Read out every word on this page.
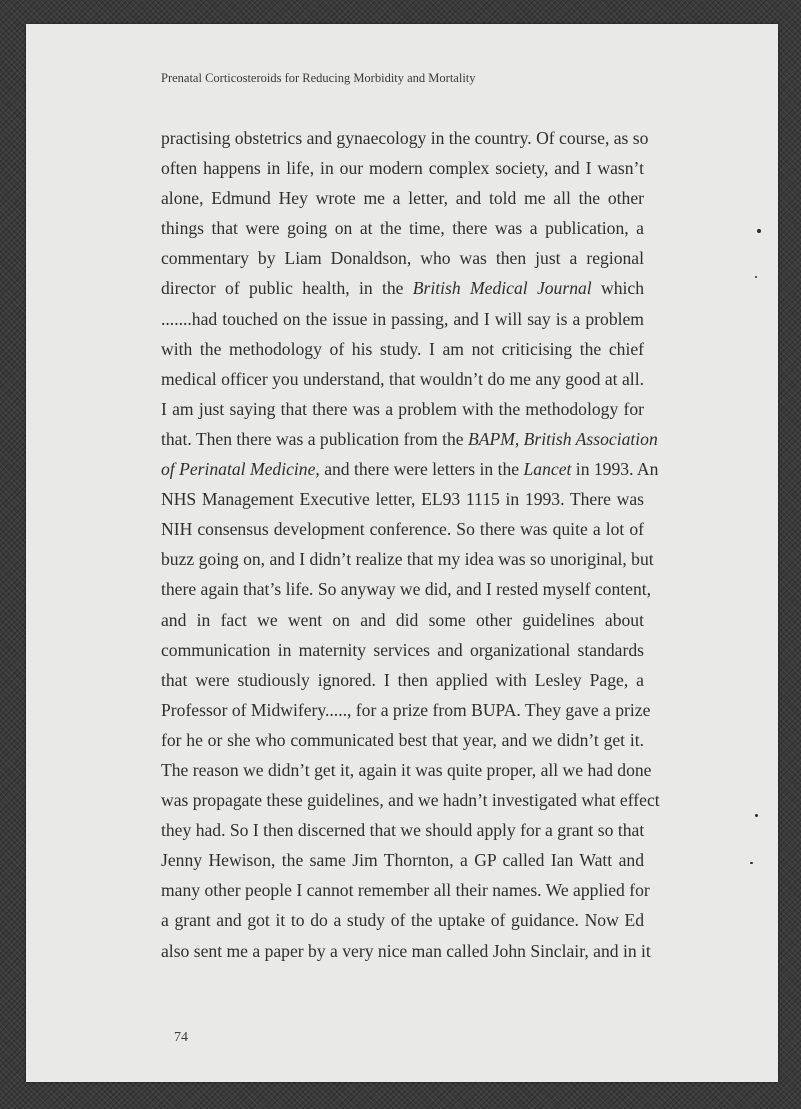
Prenatal Corticosteroids for Reducing Morbidity and Mortality
practising obstetrics and gynaecology in the country. Of course, as so
often happens in life, in our modern complex society, and I wasn’t
alone, Edmund Hey wrote me a letter, and told me all the other
things that were going on at the time, there was a publication, a
commentary by Liam Donaldson, who was then just a regional
director of public health, in the British Medical Journal which
.......had touched on the issue in passing, and I will say is a problem
with the methodology of his study. I am not criticising the chief
medical officer you understand, that wouldn’t do me any good at all.
I am just saying that there was a problem with the methodology for
that. Then there was a publication from the BAPM, British Association
of Perinatal Medicine, and there were letters in the Lancet in 1993. An
NHS Management Executive letter, EL93 1115 in 1993. There was
NIH consensus development conference. So there was quite a lot of
buzz going on, and I didn’t realize that my idea was so unoriginal, but
there again that’s life. So anyway we did, and I rested myself content,
and in fact we went on and did some other guidelines about
communication in maternity services and organizational standards
that were studiously ignored. I then applied with Lesley Page, a
Professor of Midwifery....., for a prize from BUPA. They gave a prize
for he or she who communicated best that year, and we didn’t get it.
The reason we didn’t get it, again it was quite proper, all we had done
was propagate these guidelines, and we hadn’t investigated what effect
they had. So I then discerned that we should apply for a grant so that
Jenny Hewison, the same Jim Thornton, a GP called Ian Watt and
many other people I cannot remember all their names. We applied for
a grant and got it to do a study of the uptake of guidance. Now Ed
also sent me a paper by a very nice man called John Sinclair, and in it
74
